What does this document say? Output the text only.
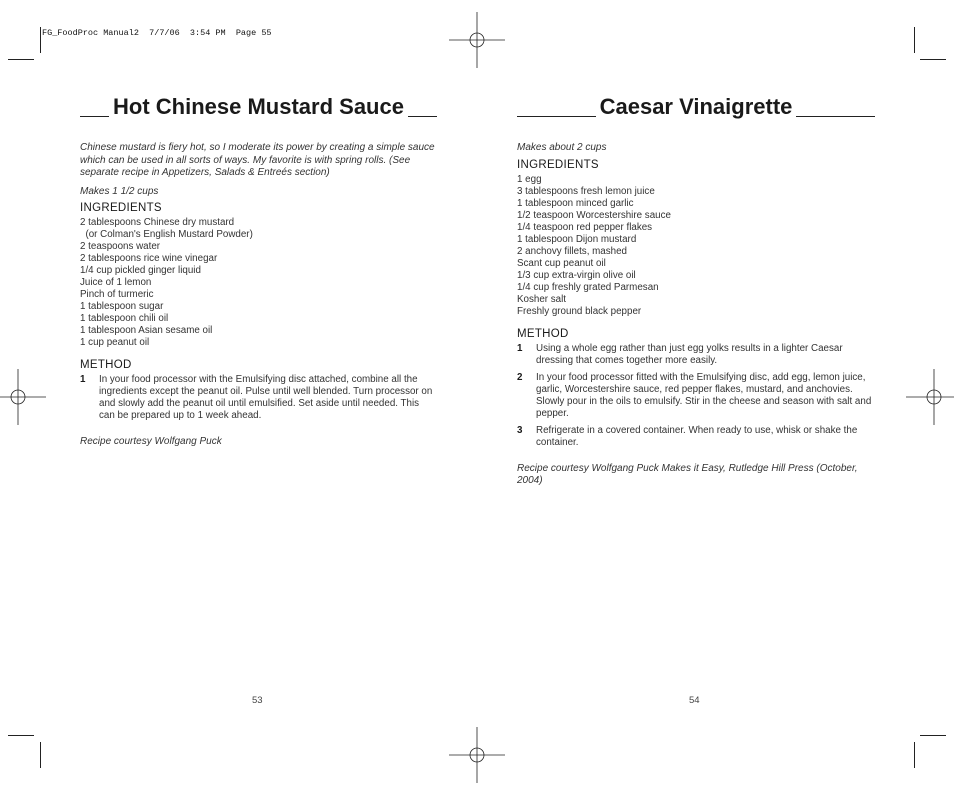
FG_FoodProc Manual2  7/7/06  3:54 PM  Page 55
Hot Chinese Mustard Sauce

Chinese mustard is fiery hot, so I moderate its power by creating a simple sauce which can be used in all sorts of ways. My favorite is with spring rolls. (See separate recipe in Appetizers, Salads & Entreés section)

Makes 1 1/2 cups

INGREDIENTS
2 tablespoons Chinese dry mustard
(or Colman's English Mustard Powder)
2 teaspoons water
2 tablespoons rice wine vinegar
1/4 cup pickled ginger liquid
Juice of 1 lemon
Pinch of turmeric
1 tablespoon sugar
1 tablespoon chili oil
1 tablespoon Asian sesame oil
1 cup peanut oil
METHOD
1 In your food processor with the Emulsifying disc attached, combine all the ingredients except the peanut oil. Pulse until well blended. Turn processor on and slowly add the peanut oil until emulsified. Set aside until needed. This can be prepared up to 1 week ahead.

Recipe courtesy Wolfgang Puck

53
Caesar Vinaigrette

Makes about 2 cups

INGREDIENTS
1 egg
3 tablespoons fresh lemon juice
1 tablespoon minced garlic
1/2 teaspoon Worcestershire sauce
1/4 teaspoon red pepper flakes
1 tablespoon Dijon mustard
2 anchovy fillets, mashed
Scant cup peanut oil
1/3 cup extra-virgin olive oil
1/4 cup freshly grated Parmesan
Kosher salt
Freshly ground black pepper
METHOD
1 Using a whole egg rather than just egg yolks results in a lighter Caesar dressing that comes together more easily.
2 In your food processor fitted with the Emulsifying disc, add egg, lemon juice, garlic, Worcestershire sauce, red pepper flakes, mustard, and anchovies. Slowly pour in the oils to emulsify. Stir in the cheese and season with salt and pepper.
3 Refrigerate in a covered container. When ready to use, whisk or shake the container.

Recipe courtesy Wolfgang Puck Makes it Easy, Rutledge Hill Press (October, 2004)

54
